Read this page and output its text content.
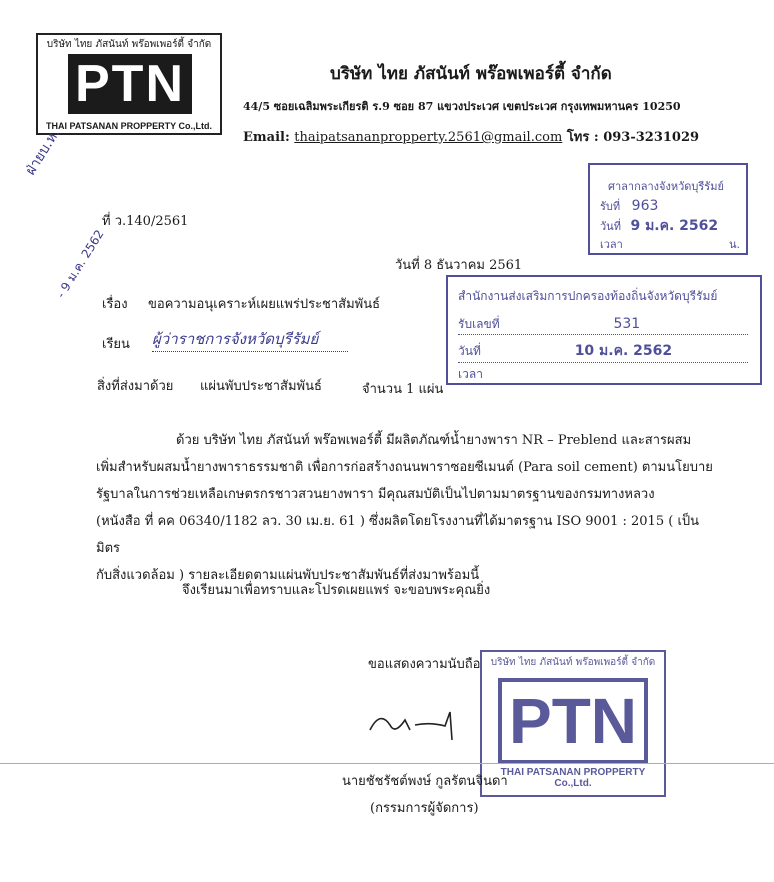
บริษัท ไทย ภัสนันท์ พร๊อพเพอร์ตี้ จำกัด
PTN
THAI PATSANAN PROPPERTY Co.,Ltd.
บริษัท ไทย ภัสนันท์ พร๊อพเพอร์ตี้ จำกัด
44/5 ซอยเฉลิมพระเกียรติ ร.9 ซอย 87 แขวงประเวศ เขตประเวศ กรุงเทพมหานคร 10250
Email: thaipatsananpropperty.2561@gmail.com โทร : 093-3231029
ฝ่ายบ.ห.
- 9 ม.ค. 2562
ที่ ว.140/2561
วันที่ 8 ธันวาคม 2561
ศาลากลางจังหวัดบุรีรัมย์
รับที่ 963
วันที่ 9 ม.ค. 2562
เวลา	น.
เรื่อง ขอความอนุเคราะห์เผยแพร่ประชาสัมพันธ์
เรียน ผู้ว่าราชการจังหวัดบุรีรัมย์
สิ่งที่ส่งมาด้วย แผ่นพับประชาสัมพันธ์	จำนวน 1 แผ่น
สำนักงานส่งเสริมการปกครองท้องถิ่นจังหวัดบุรีรัมย์
รับเลขที่	531
วันที่	10 ม.ค. 2562
เวลา
ด้วย บริษัท ไทย ภัสนันท์ พร๊อพเพอร์ตี้ มีผลิตภัณฑ์น้ำยางพารา NR – Preblend และสารผสม
เพิ่มสำหรับผสมน้ำยางพาราธรรมชาติ เพื่อการก่อสร้างถนนพาราซอยซีเมนต์ (Para soil cement) ตามนโยบาย
รัฐบาลในการช่วยเหลือเกษตรกรชาวสวนยางพารา มีคุณสมบัติเป็นไปตามมาตรฐานของกรมทางหลวง
(หนังสือ ที่ คค 06340/1182 ลว. 30 เม.ย. 61 ) ซึ่งผลิตโดยโรงงานที่ได้มาตรฐาน ISO 9001 : 2015 ( เป็นมิตร
กับสิ่งแวดล้อม ) รายละเอียดตามแผ่นพับประชาสัมพันธ์ที่ส่งมาพร้อมนี้
จึงเรียนมาเพื่อทราบและโปรดเผยแพร่ จะขอบพระคุณยิ่ง
บริษัท ไทย ภัสนันท์ พร๊อพเพอร์ตี้ จำกัด
PTN
THAI PATSANAN PROPPERTY Co.,Ltd.
ขอแสดงความนับถือ
นายชัชรัชต์พงษ์ กูลรัตนจินดา
(กรรมการผู้จัดการ)
